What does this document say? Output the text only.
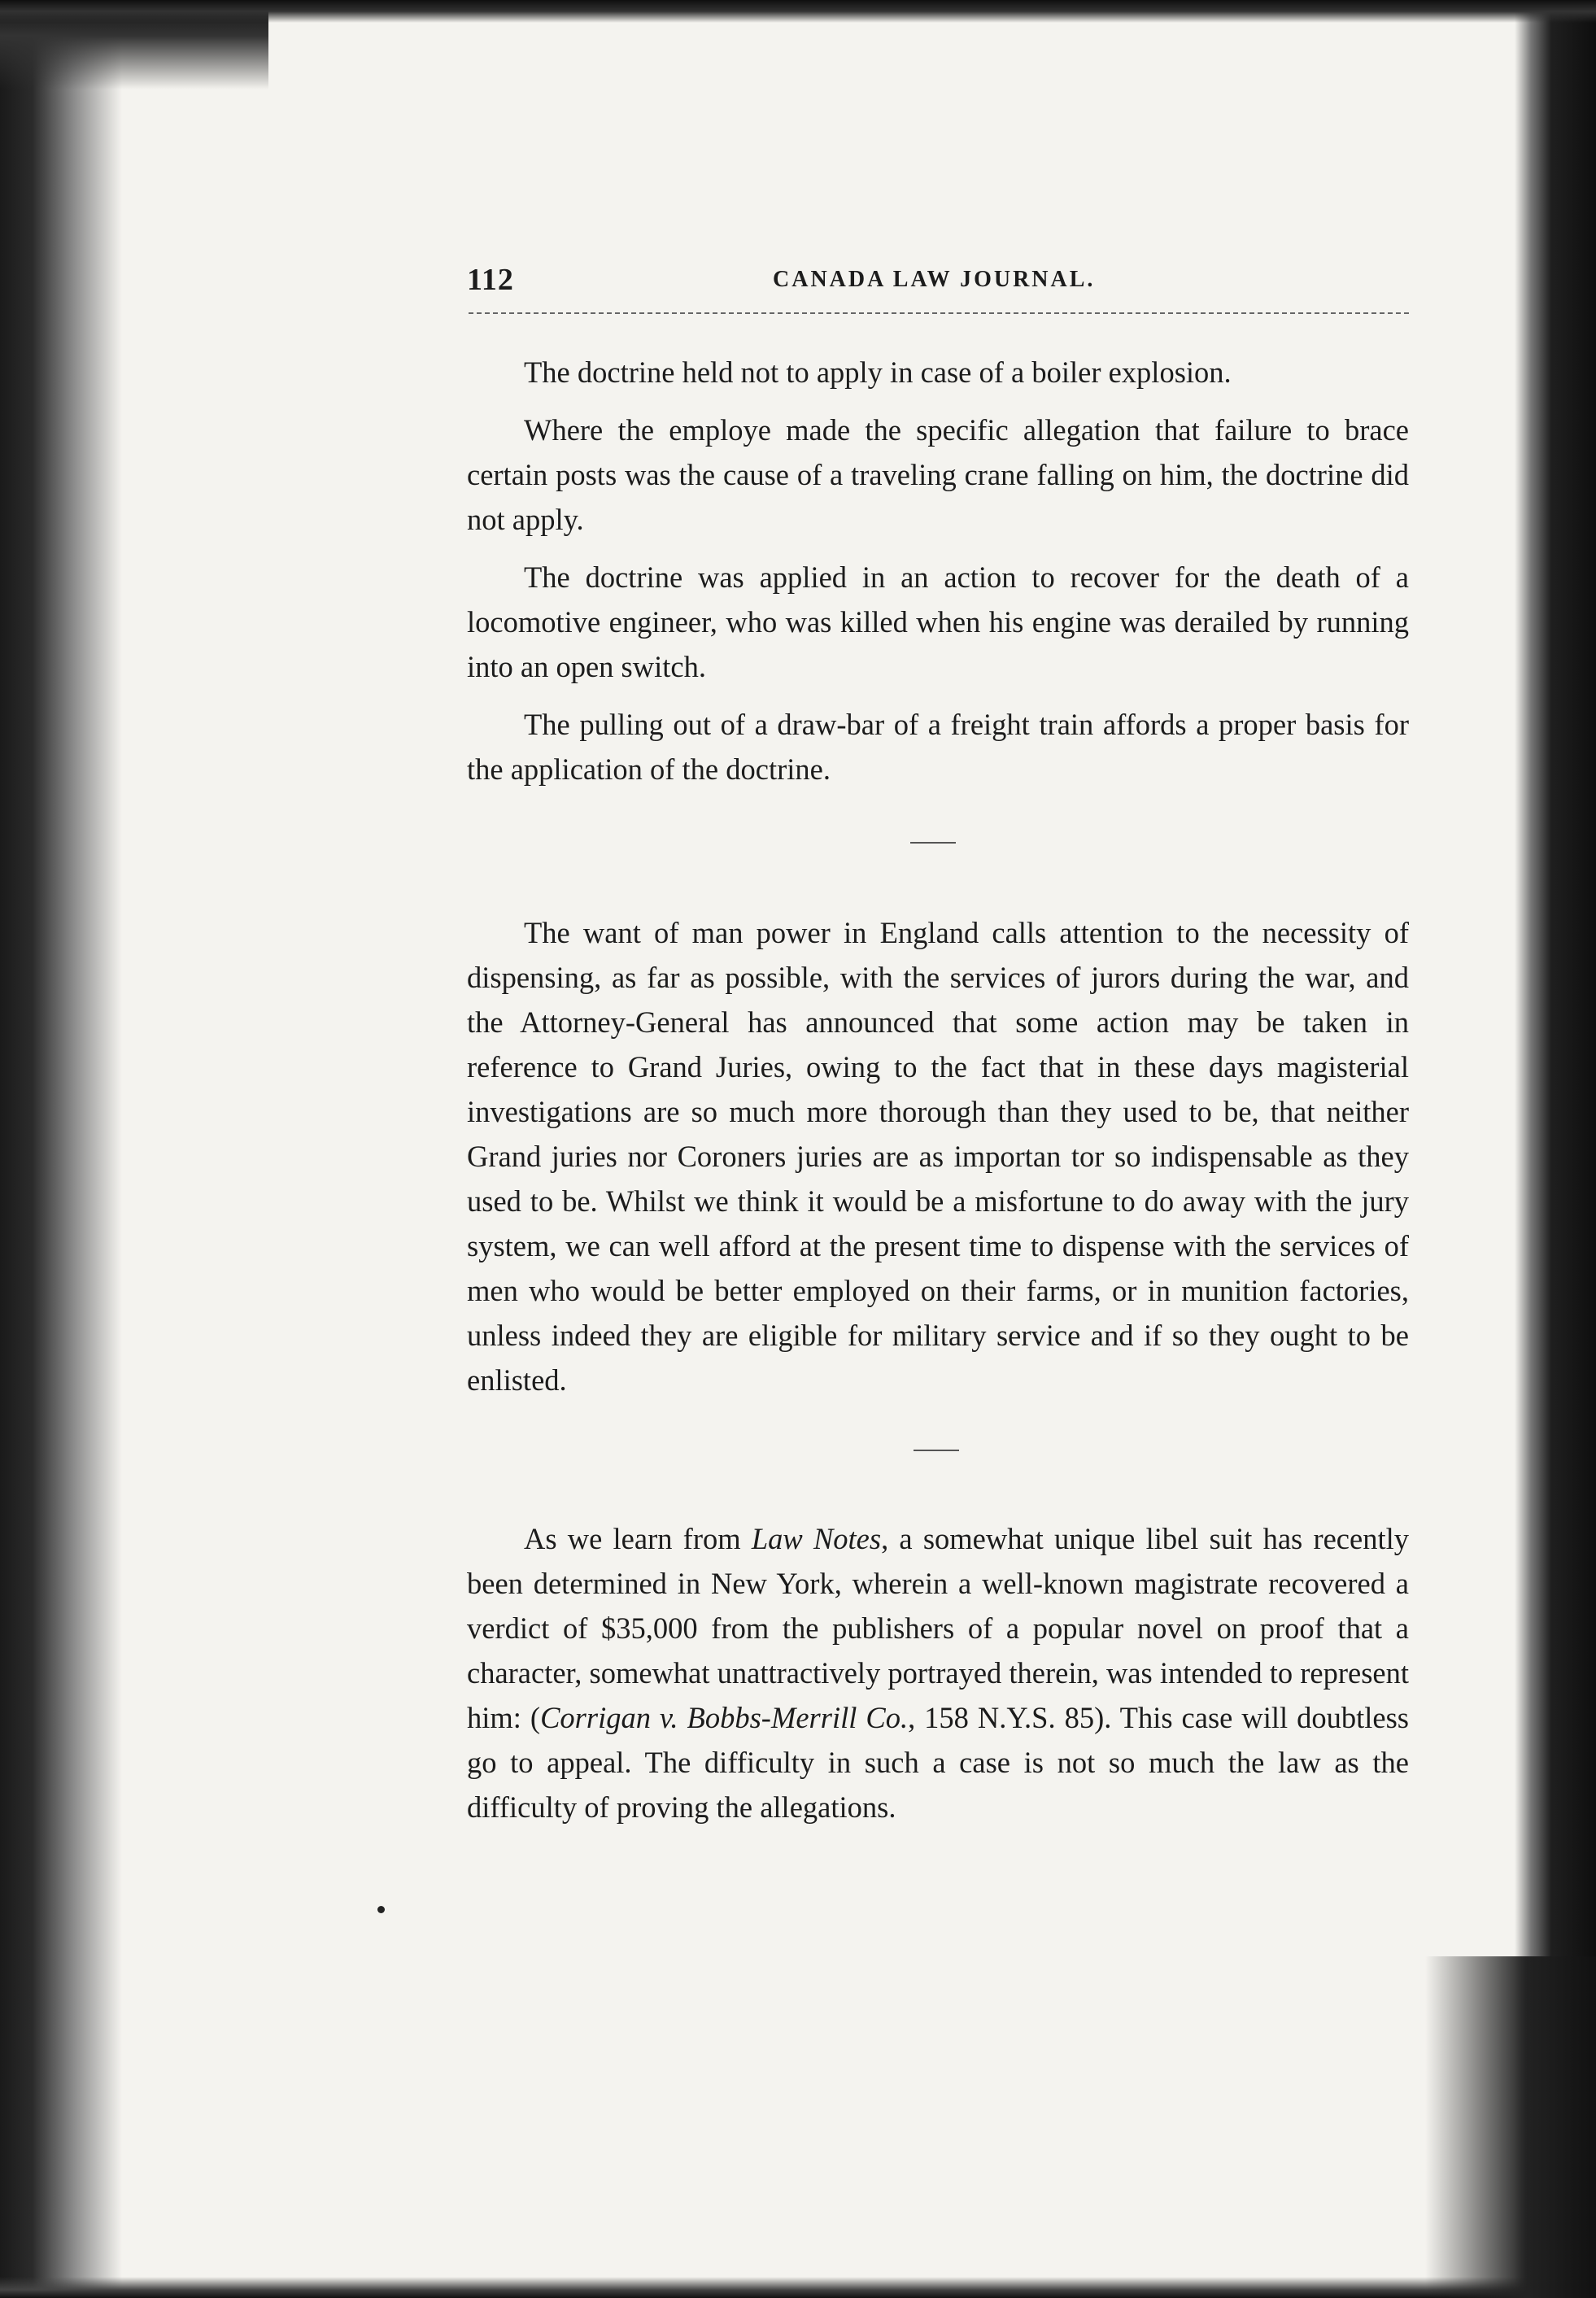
112	CANADA LAW JOURNAL.

The doctrine held not to apply in case of a boiler explosion.

Where the employe made the specific allegation that failure to brace certain posts was the cause of a traveling crane falling on him, the doctrine did not apply.

The doctrine was applied in an action to recover for the death of a locomotive engineer, who was killed when his engine was derailed by running into an open switch.

The pulling out of a draw-bar of a freight train affords a proper basis for the application of the doctrine.

The want of man power in England calls attention to the necessity of dispensing, as far as possible, with the services of jurors during the war, and the Attorney-General has announced that some action may be taken in reference to Grand Juries, owing to the fact that in these days magisterial investigations are so much more thorough than they used to be, that neither Grand juries nor Coroners juries are as importan tor so indispensable as they used to be. Whilst we think it would be a misfortune to do away with the jury system, we can well afford at the present time to dispense with the services of men who would be better employed on their farms, or in munition factories, unless indeed they are eligible for military service and if so they ought to be enlisted.

As we learn from Law Notes, a somewhat unique libel suit has recently been determined in New York, wherein a well-known magistrate recovered a verdict of $35,000 from the publishers of a popular novel on proof that a character, somewhat unattractively portrayed therein, was intended to represent him: (Corrigan v. Bobbs-Merrill Co., 158 N.Y.S. 85). This case will doubtless go to appeal. The difficulty in such a case is not so much the law as the difficulty of proving the allegations.
